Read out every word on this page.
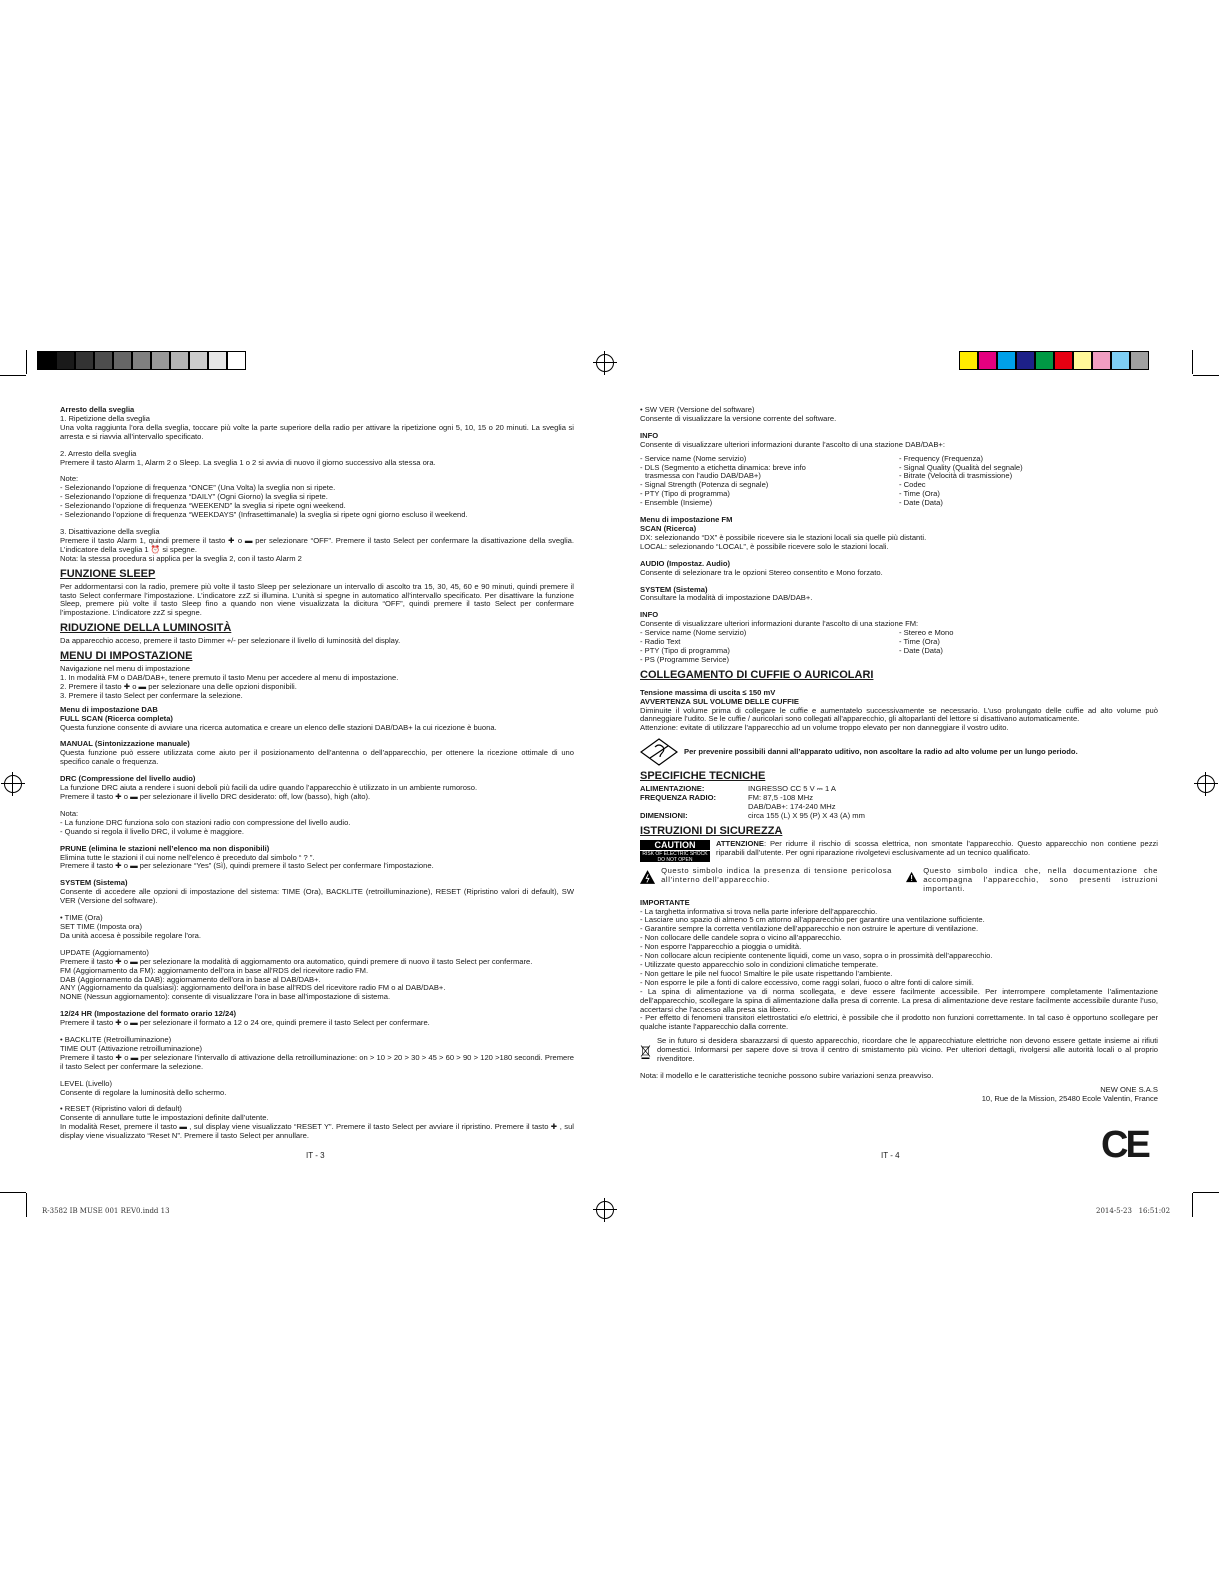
Arresto della sveglia

1. Ripetizione della sveglia

Una volta raggiunta l’ora della sveglia, toccare più volte la parte superiore della radio per attivare la ripetizione ogni 5, 10, 15 o 20 minuti. La sveglia si arresta e si riavvia all’intervallo specificato.

2. Arresto della sveglia

Premere il tasto Alarm 1, Alarm 2 o Sleep. La sveglia 1 o 2 si avvia di nuovo il giorno successivo alla stessa ora.

Note:

- Selezionando l’opzione di frequenza “ONCE” (Una Volta) la sveglia non si ripete.

- Selezionando l’opzione di frequenza “DAILY” (Ogni Giorno) la sveglia si ripete.

- Selezionando l’opzione di frequenza “WEEKEND” la sveglia si ripete ogni weekend.

- Selezionando l’opzione di frequenza “WEEKDAYS” (Infrasettimanale) la sveglia si ripete ogni giorno escluso il weekend.

3. Disattivazione della sveglia

Premere il tasto Alarm 1, quindi premere il tasto ✚ o ▬ per selezionare “OFF”. Premere il tasto Select per confermare la disattivazione della sveglia. L’indicatore della sveglia 1 ⏰ si spegne.

Nota: la stessa procedura si applica per la sveglia 2, con il tasto Alarm 2

FUNZIONE SLEEP

Per addormentarsi con la radio, premere più volte il tasto Sleep per selezionare un intervallo di ascolto tra 15, 30, 45, 60 e 90 minuti, quindi premere il tasto Select confermare l’impostazione. L’indicatore zzZ si illumina. L’unità si spegne in automatico all’intervallo specificato. Per disattivare la funzione Sleep, premere più volte il tasto Sleep fino a quando non viene visualizzata la dicitura “OFF”, quindi premere il tasto Select per confermare l’impostazione. L’indicatore zzZ si spegne.

RIDUZIONE DELLA LUMINOSITÀ

Da apparecchio acceso, premere il tasto Dimmer +/- per selezionare il livello di luminosità del display.

MENU DI IMPOSTAZIONE

Navigazione nel menu di impostazione

1. In modalità FM o DAB/DAB+, tenere premuto il tasto Menu per accedere al menu di impostazione.

2. Premere il tasto ✚ o ▬ per selezionare una delle opzioni disponibili.

3. Premere il tasto Select per confermare la selezione.

Menu di impostazione DAB

FULL SCAN (Ricerca completa)

Questa funzione consente di avviare una ricerca automatica e creare un elenco delle stazioni DAB/DAB+ la cui ricezione è buona.

MANUAL (Sintonizzazione manuale)

Questa funzione può essere utilizzata come aiuto per il posizionamento dell’antenna o dell’apparecchio, per ottenere la ricezione ottimale di uno specifico canale o frequenza.

DRC (Compressione del livello audio)

La funzione DRC aiuta a rendere i suoni deboli più facili da udire quando l’apparecchio è utilizzato in un ambiente rumoroso.

Premere il tasto ✚ o ▬ per selezionare il livello DRC desiderato: off, low (basso), high (alto).

Nota:

- La funzione DRC funziona solo con stazioni radio con compressione del livello audio.

- Quando si regola il livello DRC, il volume è maggiore.

PRUNE (elimina le stazioni nell’elenco ma non disponibili)

Elimina tutte le stazioni il cui nome nell’elenco è preceduto dal simbolo “ ? ”.

Premere il tasto ✚ o ▬ per selezionare “Yes” (Sì), quindi premere il tasto Select per confermare l’impostazione.

SYSTEM (Sistema)

Consente di accedere alle opzioni di impostazione del sistema: TIME (Ora), BACKLITE (retroilluminazione), RESET (Ripristino valori di default), SW VER (Versione del software).

• TIME (Ora)

SET TIME (Imposta ora)

Da unità accesa è possibile regolare l’ora.

UPDATE (Aggiornamento)

Premere il tasto ✚ o ▬ per selezionare la modalità di aggiornamento ora automatico, quindi premere di nuovo il tasto Select per confermare.

FM (Aggiornamento da FM): aggiornamento dell’ora in base all’RDS del ricevitore radio FM.

DAB (Aggiornamento da DAB): aggiornamento dell’ora in base al DAB/DAB+.

ANY (Aggiornamento da qualsiasi): aggiornamento dell’ora in base all’RDS del ricevitore radio FM o al DAB/DAB+.

NONE (Nessun aggiornamento): consente di visualizzare l’ora in base all’impostazione di sistema.

12/24 HR (Impostazione del formato orario 12/24)

Premere il tasto ✚ o ▬ per selezionare il formato a 12 o 24 ore, quindi premere il tasto Select per confermare.

• BACKLITE (Retroilluminazione)

TIME OUT (Attivazione retroilluminazione)

Premere il tasto ✚ o ▬ per selezionare l’intervallo di attivazione della retroilluminazione: on > 10 > 20 > 30 > 45 > 60 > 90 > 120 >180 secondi. Premere il tasto Select per confermare la selezione.

LEVEL (Livello)

Consente di regolare la luminosità dello schermo.

• RESET (Ripristino valori di default)

Consente di annullare tutte le impostazioni definite dall’utente.

In modalità Reset, premere il tasto ▬ , sul display viene visualizzato “RESET Y”. Premere il tasto Select per avviare il ripristino. Premere il tasto ✚ , sul display viene visualizzato “Reset N”. Premere il tasto Select per annullare.

IT - 3

• SW VER (Versione del software)

Consente di visualizzare la versione corrente del software.

INFO

Consente di visualizzare ulteriori informazioni durante l’ascolto di una stazione DAB/DAB+:

- Service name (Nome servizio)

- DLS (Segmento a etichetta dinamica: breve info

trasmessa con l’audio DAB/DAB+)

- Signal Strength (Potenza di segnale)

- PTY (Tipo di programma)

- Ensemble (Insieme)

- Frequency (Frequenza)

- Signal Quality (Qualità del segnale)

- Bitrate (Velocità di trasmissione)

- Codec

- Time (Ora)

- Date (Data)

Menu di impostazione FM

SCAN (Ricerca)

DX: selezionando “DX” è possibile ricevere sia le stazioni locali sia quelle più distanti.

LOCAL: selezionando “LOCAL”, è possibile ricevere solo le stazioni locali.

AUDIO (Impostaz. Audio)

Consente di selezionare tra le opzioni Stereo consentito e Mono forzato.

SYSTEM (Sistema)

Consultare la modalità di impostazione DAB/DAB+.

INFO

Consente di visualizzare ulteriori informazioni durante l’ascolto di una stazione FM:

- Service name (Nome servizio)

- Radio Text

- PTY (Tipo di programma)

- PS (Programme Service)

- Stereo e Mono

- Time (Ora)

- Date (Data)

COLLEGAMENTO DI CUFFIE O AURICOLARI

Tensione massima di uscita ≤ 150 mV

AVVERTENZA SUL VOLUME DELLE CUFFIE

Diminuite il volume prima di collegare le cuffie e aumentatelo successivamente se necessario. L’uso prolungato delle cuffie ad alto volume può danneggiare l’udito. Se le cuffie / auricolari sono collegati all’apparecchio, gli altoparlanti del lettore si disattivano automaticamente.

Attenzione: evitate di utilizzare l’apparecchio ad un volume troppo elevato per non danneggiare il vostro udito.

Per prevenire possibili danni all’apparato uditivo, non ascoltare la radio ad alto volume per un lungo periodo.
SPECIFICHE TECNICHE
ALIMENTAZIONE:	INGRESSO CC 5 V ⎓ 1 A
FREQUENZA RADIO:	FM: 87,5 -108 MHz
DAB/DAB+: 174-240 MHz
DIMENSIONI:	circa 155 (L) X 95 (P) X 43 (A) mm
ISTRUZIONI DI SICUREZZA
CAUTION
RISK OF ELECTRIC SHOCK
DO NOT OPEN

ATTENZIONE: Per ridurre il rischio di scossa elettrica, non smontate l’apparecchio. Questo apparecchio non contiene pezzi riparabili dall’utente. Per ogni riparazione rivolgetevi esclusivamente ad un tecnico qualificato.

Questo simbolo indica la presenza di tensione pericolosa all’interno dell’apparecchio.

Questo simbolo indica che, nella documentazione che accompagna l’apparecchio, sono presenti istruzioni importanti.

IMPORTANTE

- La targhetta informativa si trova nella parte inferiore dell’apparecchio.

- Lasciare uno spazio di almeno 5 cm attorno all’apparecchio per garantire una ventilazione sufficiente.

- Garantire sempre la corretta ventilazione dell’apparecchio e non ostruire le aperture di ventilazione.

- Non collocare delle candele sopra o vicino all’apparecchio.

- Non esporre l’apparecchio a pioggia o umidità.

- Non collocare alcun recipiente contenente liquidi, come un vaso, sopra o in prossimità dell’apparecchio.

- Utilizzate questo apparecchio solo in condizioni climatiche temperate.

- Non gettare le pile nel fuoco! Smaltire le pile usate rispettando l’ambiente.

- Non esporre le pile a fonti di calore eccessivo, come raggi solari, fuoco o altre fonti di calore simili.

- La spina di alimentazione va di norma scollegata, e deve essere facilmente accessibile. Per interrompere completamente l’alimentazione dell’apparecchio, scollegare la spina di alimentazione dalla presa di corrente. La presa di alimentazione deve restare facilmente accessibile durante l’uso, accertarsi che l’accesso alla presa sia libero.

- Per effetto di fenomeni transitori elettrostatici e/o elettrici, è possibile che il prodotto non funzioni correttamente. In tal caso è opportuno scollegare per qualche istante l’apparecchio dalla corrente.

Se in futuro si desidera sbarazzarsi di questo apparecchio, ricordare che le apparecchiature elettriche non devono essere gettate insieme ai rifiuti domestici. Informarsi per sapere dove si trova il centro di smistamento più vicino. Per ulteriori dettagli, rivolgersi alle autorità locali o al proprio rivenditore.

Nota: il modello e le caratteristiche tecniche possono subire variazioni senza preavviso.

NEW ONE S.A.S

10, Rue de la Mission, 25480 Ecole Valentin, France

IT - 4	CE
R-3582 IB MUSE 001 REV0.indd 13	2014-5-23 16:51:02
